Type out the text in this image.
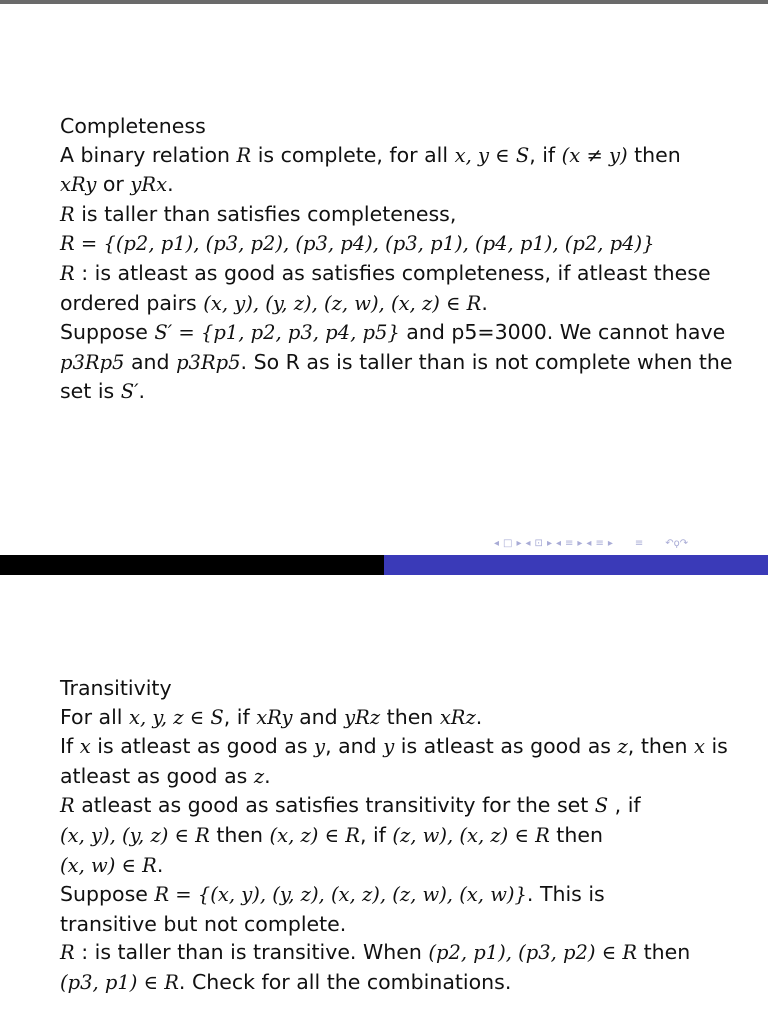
Completeness

A binary relation R is complete, for all x, y ∈ S, if (x ≠ y) then

xRy or yRx.

R is taller than satisfies completeness,

R = {(p2, p1), (p3, p2), (p3, p4), (p3, p1), (p4, p1), (p2, p4)}

R : is atleast as good as satisfies completeness, if atleast these

ordered pairs (x, y), (y, z), (z, w), (x, z) ∈ R.

Suppose S′ = {p1, p2, p3, p4, p5} and p5=3000. We cannot have

p3Rp5 and p3Rp5. So R as is taller than is not complete when the

set is S′.

◂ □ ▸ ◂ ⊡ ▸ ◂ ≡ ▸ ◂ ≡ ▸ ≡ ↶ϙ↷

Transitivity

For all x, y, z ∈ S, if xRy and yRz then xRz.

If x is atleast as good as y, and y is atleast as good as z, then x is

atleast as good as z.

R atleast as good as satisfies transitivity for the set S , if

(x, y), (y, z) ∈ R then (x, z) ∈ R, if (z, w), (x, z) ∈ R then

(x, w) ∈ R.

Suppose R = {(x, y), (y, z), (x, z), (z, w), (x, w)}. This is

transitive but not complete.

R : is taller than is transitive. When (p2, p1), (p3, p2) ∈ R then

(p3, p1) ∈ R. Check for all the combinations.
